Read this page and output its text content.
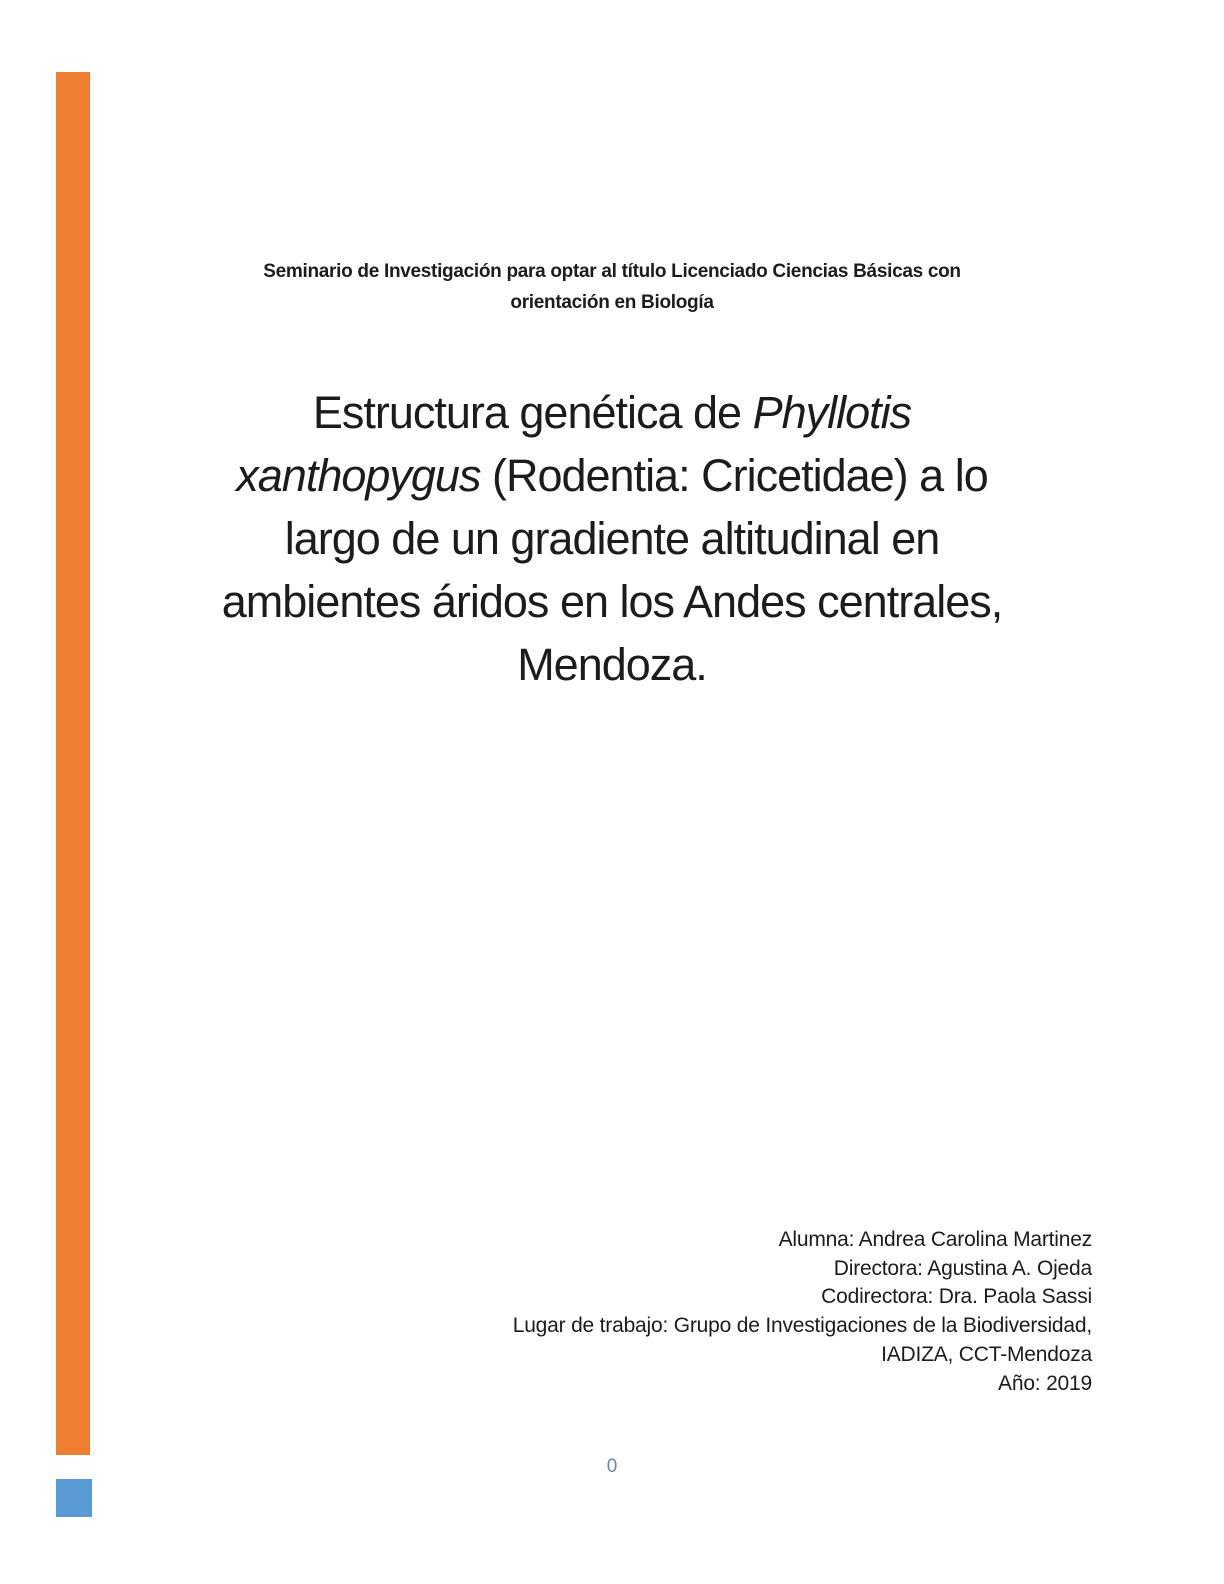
Seminario de Investigación para optar al título Licenciado Ciencias Básicas con
orientación en Biología
Estructura genética de Phyllotis
xanthopygus (Rodentia: Cricetidae) a lo
largo de un gradiente altitudinal en
ambientes áridos en los Andes centrales,
Mendoza.
Alumna: Andrea Carolina Martinez
Directora: Agustina A. Ojeda
Codirectora: Dra. Paola Sassi
Lugar de trabajo: Grupo de Investigaciones de la Biodiversidad,
IADIZA, CCT-Mendoza
Año: 2019
0
